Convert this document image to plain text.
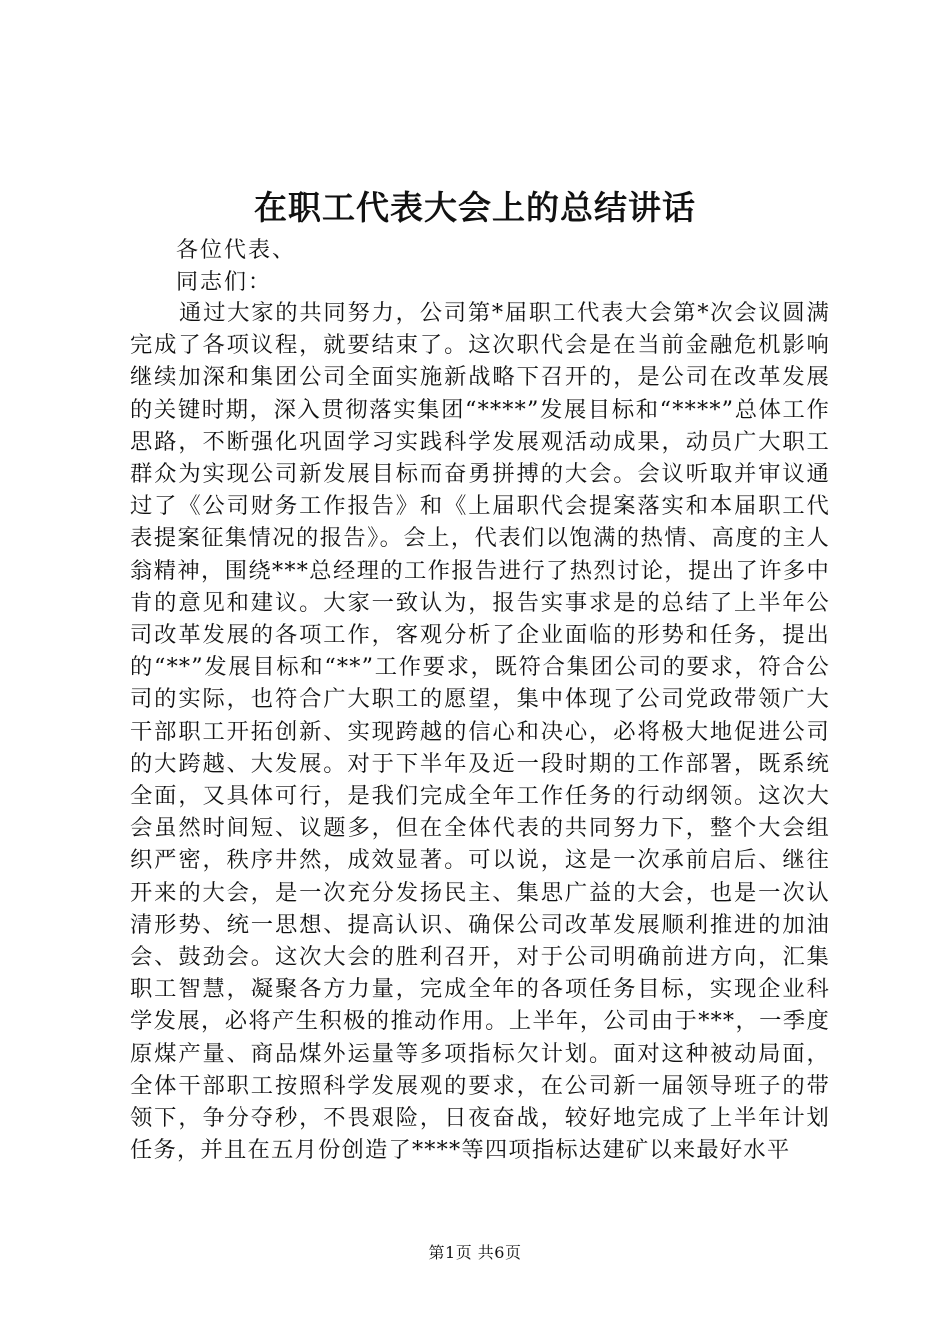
在职工代表大会上的总结讲话
各位代表、
同志们：

通过大家的共同努力，公司第*届职工代表大会第*次会议圆满完成了各项议程，就要结束了。这次职代会是在当前金融危机影响继续加深和集团公司全面实施新战略下召开的，是公司在改革发展的关键时期，深入贯彻落实集团“****”发展目标和“****”总体工作思路，不断强化巩固学习实践科学发展观活动成果，动员广大职工群众为实现公司新发展目标而奋勇拼搏的大会。会议听取并审议通过了《公司财务工作报告》和《上届职代会提案落实和本届职工代表提案征集情况的报告》。会上，代表们以饱满的热情、高度的主人翁精神，围绕***总经理的工作报告进行了热烈讨论，提出了许多中肯的意见和建议。大家一致认为，报告实事求是的总结了上半年公司改革发展的各项工作，客观分析了企业面临的形势和任务，提出的“**”发展目标和“**”工作要求，既符合集团公司的要求，符合公司的实际，也符合广大职工的愿望，集中体现了公司党政带领广大干部职工开拓创新、实现跨越的信心和决心，必将极大地促进公司的大跨越、大发展。对于下半年及近一段时期的工作部署，既系统全面，又具体可行，是我们完成全年工作任务的行动纲领。这次大会虽然时间短、议题多，但在全体代表的共同努力下，整个大会组织严密，秩序井然，成效显著。可以说，这是一次承前启后、继往开来的大会，是一次充分发扬民主、集思广益的大会，也是一次认清形势、统一思想、提高认识、确保公司改革发展顺利推进的加油会、鼓劲会。这次大会的胜利召开，对于公司明确前进方向，汇集职工智慧，凝聚各方力量，完成全年的各项任务目标，实现企业科学发展，必将产生积极的推动作用。上半年，公司由于***，一季度原煤产量、商品煤外运量等多项指标欠计划。面对这种被动局面，全体干部职工按照科学发展观的要求，在公司新一届领导班子的带领下，争分夺秒，不畏艰险，日夜奋战，较好地完成了上半年计划任务，并且在五月份创造了****等四项指标达建矿以来最好水平

第1页 共6页
